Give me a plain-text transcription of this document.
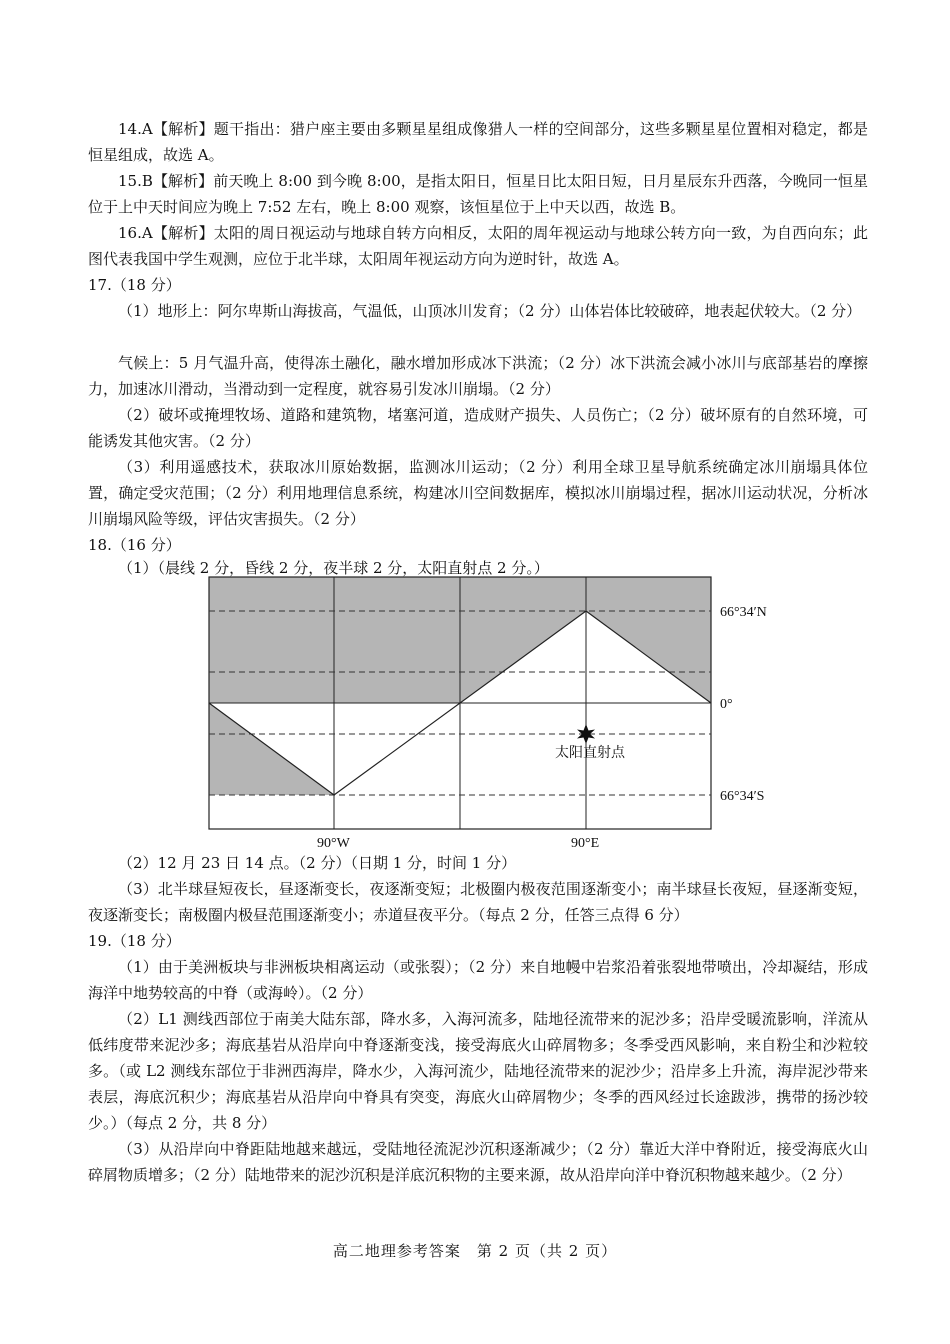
14.A【解析】题干指出：猎户座主要由多颗星星组成像猎人一样的空间部分，这些多颗星星位置相对稳定，都是恒星组成，故选 A。

15.B【解析】前天晚上 8:00 到今晚 8:00，是指太阳日，恒星日比太阳日短，日月星辰东升西落，今晚同一恒星位于上中天时间应为晚上 7:52 左右，晚上 8:00 观察，该恒星位于上中天以西，故选 B。

16.A【解析】太阳的周日视运动与地球自转方向相反，太阳的周年视运动与地球公转方向一致，为自西向东；此图代表我国中学生观测，应位于北半球，太阳周年视运动方向为逆时针，故选 A。

17.（18 分）

（1）地形上：阿尔卑斯山海拔高，气温低，山顶冰川发育；（2 分）山体岩体比较破碎，地表起伏较大。（2 分）

气候上：5 月气温升高，使得冻土融化，融水增加形成冰下洪流；（2 分）冰下洪流会减小冰川与底部基岩的摩擦力，加速冰川滑动，当滑动到一定程度，就容易引发冰川崩塌。（2 分）

（2）破坏或掩埋牧场、道路和建筑物，堵塞河道，造成财产损失、人员伤亡；（2 分）破坏原有的自然环境，可能诱发其他灾害。（2 分）

（3）利用遥感技术，获取冰川原始数据，监测冰川运动；（2 分）利用全球卫星导航系统确定冰川崩塌具体位置，确定受灾范围；（2 分）利用地理信息系统，构建冰川空间数据库，模拟冰川崩塌过程，据冰川运动状况，分析冰川崩塌风险等级，评估灾害损失。（2 分）

18.（16 分）

（1）（晨线 2 分，昏线 2 分，夜半球 2 分，太阳直射点 2 分。）

太阳直射点
66°34′N
0°
66°34′S
90°W	90°E

（2）12 月 23 日 14 点。（2 分）（日期 1 分，时间 1 分）

（3）北半球昼短夜长，昼逐渐变长，夜逐渐变短；北极圈内极夜范围逐渐变小；南半球昼长夜短，昼逐渐变短，夜逐渐变长；南极圈内极昼范围逐渐变小；赤道昼夜平分。（每点 2 分，任答三点得 6 分）

19.（18 分）

（1）由于美洲板块与非洲板块相离运动（或张裂）；（2 分）来自地幔中岩浆沿着张裂地带喷出，冷却凝结，形成海洋中地势较高的中脊（或海岭）。（2 分）

（2）L1 测线西部位于南美大陆东部，降水多，入海河流多，陆地径流带来的泥沙多；沿岸受暖流影响，洋流从低纬度带来泥沙多；海底基岩从沿岸向中脊逐渐变浅，接受海底火山碎屑物多；冬季受西风影响，来自粉尘和沙粒较多。（或 L2 测线东部位于非洲西海岸，降水少，入海河流少，陆地径流带来的泥沙少；沿岸多上升流，海岸泥沙带来表层，海底沉积少；海底基岩从沿岸向中脊具有突变，海底火山碎屑物少；冬季的西风经过长途跋涉，携带的扬沙较少。）（每点 2 分，共 8 分）

（3）从沿岸向中脊距陆地越来越远，受陆地径流泥沙沉积逐渐减少；（2 分）靠近大洋中脊附近，接受海底火山碎屑物质增多；（2 分）陆地带来的泥沙沉积是洋底沉积物的主要来源，故从沿岸向洋中脊沉积物越来越少。（2 分）

高二地理参考答案　第 2 页（共 2 页）
